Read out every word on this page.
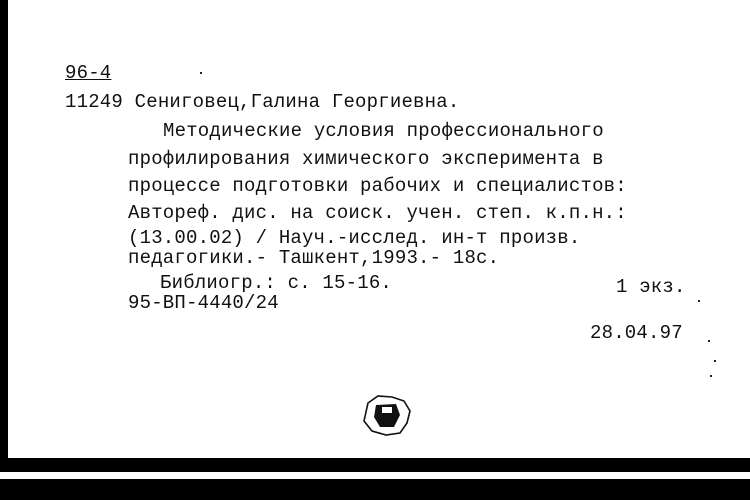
96-4
11249 Сениговец,Галина Георгиевна.
Методические условия профессионального
профилирования химического эксперимента в
процессе подготовки рабочих и специалистов:
Автореф. дис. на соиск. учен. степ. к.п.н.:
(13.00.02) / Науч.-исслед. ин-т произв.
педагогики.- Ташкент,1993.- 18с.
Библиогр.: с. 15-16.	1 экз.
95-ВП-4440/24
28.04.97
